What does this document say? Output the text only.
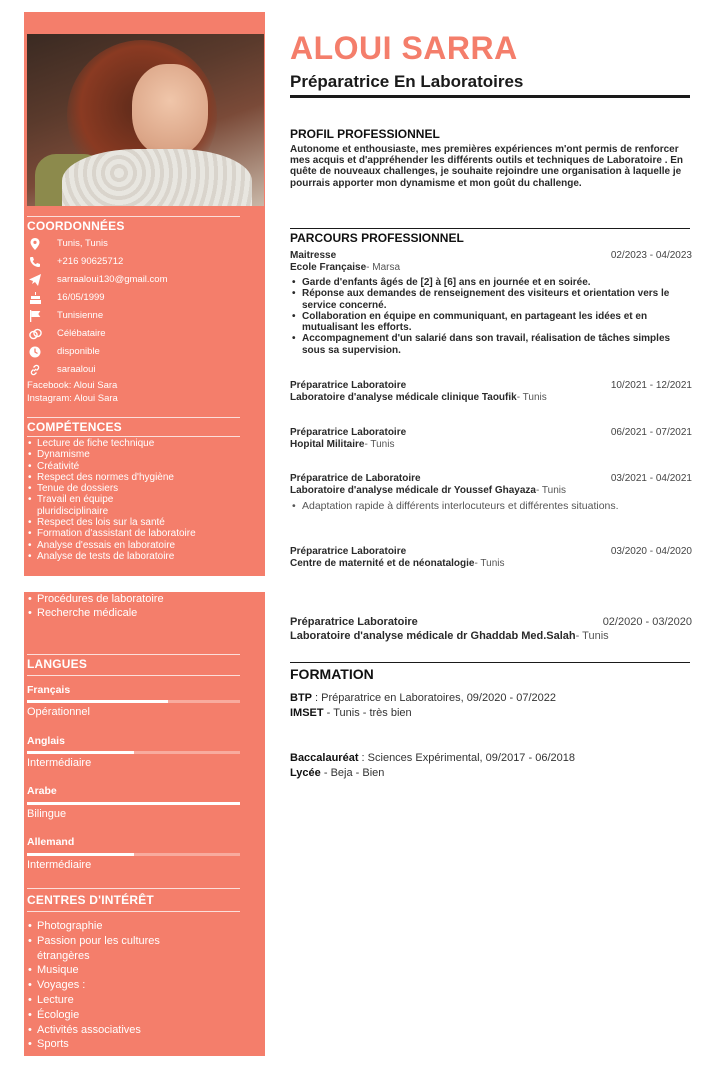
COORDONNÉES
Tunis, Tunis
+216 90625712
sarraaloui130@gmail.com
16/05/1999
Tunisienne
Célébataire
disponible
saraaloui
Facebook: Aloui Sara
Instagram: Aloui Sara
COMPÉTENCES
• Lecture de fiche technique
• Dynamisme
• Créativité
• Respect des normes d'hygiène
• Tenue de dossiers
• Travail en équipe pluridisciplinaire
• Respect des lois sur la santé
• Formation d'assistant de laboratoire
• Analyse d'essais en laboratoire
• Analyse de tests de laboratoire
• Procédures de laboratoire
• Recherche médicale
LANGUES
Français
Opérationnel
Anglais
Intermédiaire
Arabe
Bilingue
Allemand
Intermédiaire
CENTRES D'INTÉRÊT
• Photographie
• Passion pour les cultures étrangères
• Musique
• Voyages :
• Lecture
• Écologie
• Activités associatives
• Sports
ALOUI SARRA
Préparatrice En Laboratoires
PROFIL PROFESSIONNEL
Autonome et enthousiaste, mes premières expériences m'ont permis de renforcer mes acquis et d'appréhender les différents outils et techniques de Laboratoire . En quête de nouveaux challenges, je souhaite rejoindre une organisation à laquelle je pourrais apporter mon dynamisme et mon goût du challenge.
PARCOURS PROFESSIONNEL
Maitresse	02/2023 - 04/2023
Ecole Française - Marsa
• Garde d'enfants âgés de [2] à [6] ans en journée et en soirée.
• Réponse aux demandes de renseignement des visiteurs et orientation vers le service concerné.
• Collaboration en équipe en communiquant, en partageant les idées et en mutualisant les efforts.
• Accompagnement d'un salarié dans son travail, réalisation de tâches simples sous sa supervision.
Préparatrice Laboratoire	10/2021 - 12/2021
Laboratoire d'analyse médicale clinique Taoufik - Tunis
Préparatrice Laboratoire	06/2021 - 07/2021
Hopital Militaire - Tunis
Préparatrice de Laboratoire	03/2021 - 04/2021
Laboratoire d'analyse médicale dr Youssef Ghayaza - Tunis
• Adaptation rapide à différents interlocuteurs et différentes situations.
Préparatrice Laboratoire	03/2020 - 04/2020
Centre de maternité et de néonatalogie - Tunis
Préparatrice Laboratoire	02/2020 - 03/2020
Laboratoire d'analyse médicale dr Ghaddab Med.Salah - Tunis
FORMATION
BTP : Préparatrice en Laboratoires, 09/2020 - 07/2022
IMSET - Tunis - très bien
Baccalauréat : Sciences Expérimental, 09/2017 - 06/2018
Lycée - Beja - Bien
